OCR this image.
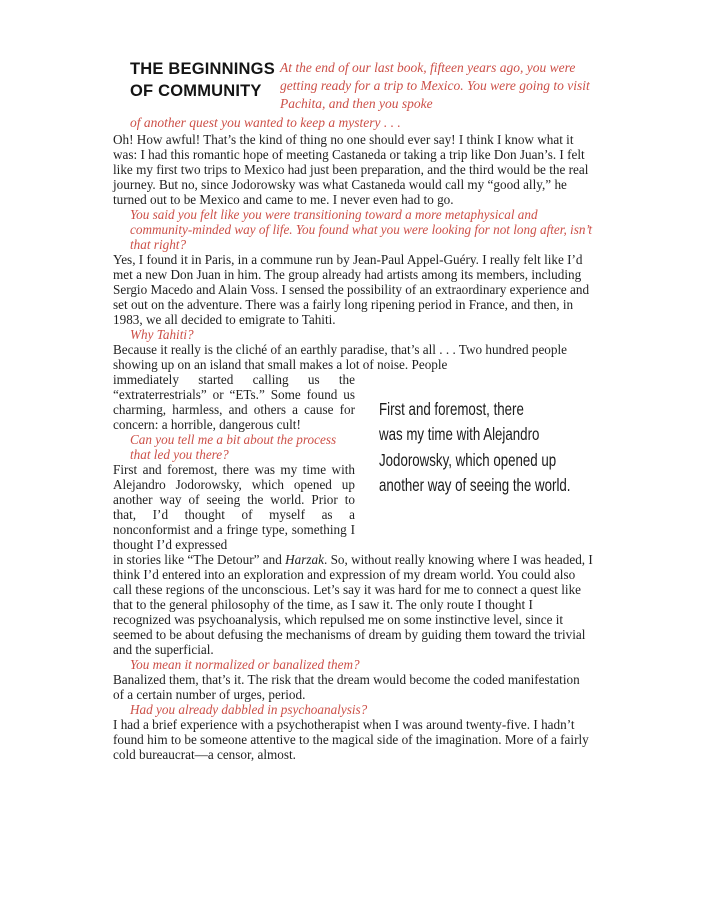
THE BEGINNINGS
OF COMMUNITY

At the end of our last book, fifteen years ago, you were getting ready for a trip to Mexico. You were going to visit Pachita, and then you spoke

of another quest you wanted to keep a mystery . . .

Oh! How awful! That’s the kind of thing no one should ever say! I think I know what it was: I had this romantic hope of meeting Castaneda or taking a trip like Don Juan’s. I felt like my first two trips to Mexico had just been preparation, and the third would be the real journey. But no, since Jodorowsky was what Castaneda would call my “good ally,” he turned out to be Mexico and came to me. I never even had to go.

You said you felt like you were transitioning toward a more metaphysical and community-minded way of life. You found what you were looking for not long after, isn’t that right?

Yes, I found it in Paris, in a commune run by Jean-Paul Appel-Guéry. I really felt like I’d met a new Don Juan in him. The group already had artists among its members, including Sergio Macedo and Alain Voss. I sensed the possibility of an extraordinary experience and set out on the adventure. There was a fairly long ripening period in France, and then, in 1983, we all decided to emigrate to Tahiti.

Why Tahiti?

Because it really is the cliché of an earthly paradise, that’s all . . . Two hundred people showing up on an island that small makes a lot of noise. People

First and foremost, there
was my time with Alejandro
Jodorowsky, which opened up
another way of seeing the world.

immediately started calling us the “extraterrestrials” or “ETs.” Some found us charming, harmless, and others a cause for concern: a horrible, dangerous cult!

Can you tell me a bit about the process that led you there?

First and foremost, there was my time with Alejandro Jodorowsky, which opened up another way of seeing the world. Prior to that, I’d thought of myself as a nonconformist and a fringe type, something I thought I’d expressed

in stories like “The Detour” and Harzak. So, without really knowing where I was headed, I think I’d entered into an exploration and expression of my dream world. You could also call these regions of the unconscious. Let’s say it was hard for me to connect a quest like that to the general philosophy of the time, as I saw it. The only route I thought I recognized was psychoanalysis, which repulsed me on some instinctive level, since it seemed to be about defusing the mechanisms of dream by guiding them toward the trivial and the superficial.

You mean it normalized or banalized them?

Banalized them, that’s it. The risk that the dream would become the coded manifestation of a certain number of urges, period.

Had you already dabbled in psychoanalysis?

I had a brief experience with a psychotherapist when I was around twenty-five. I hadn’t found him to be someone attentive to the magical side of the imagination. More of a fairly cold bureaucrat—a censor, almost.
